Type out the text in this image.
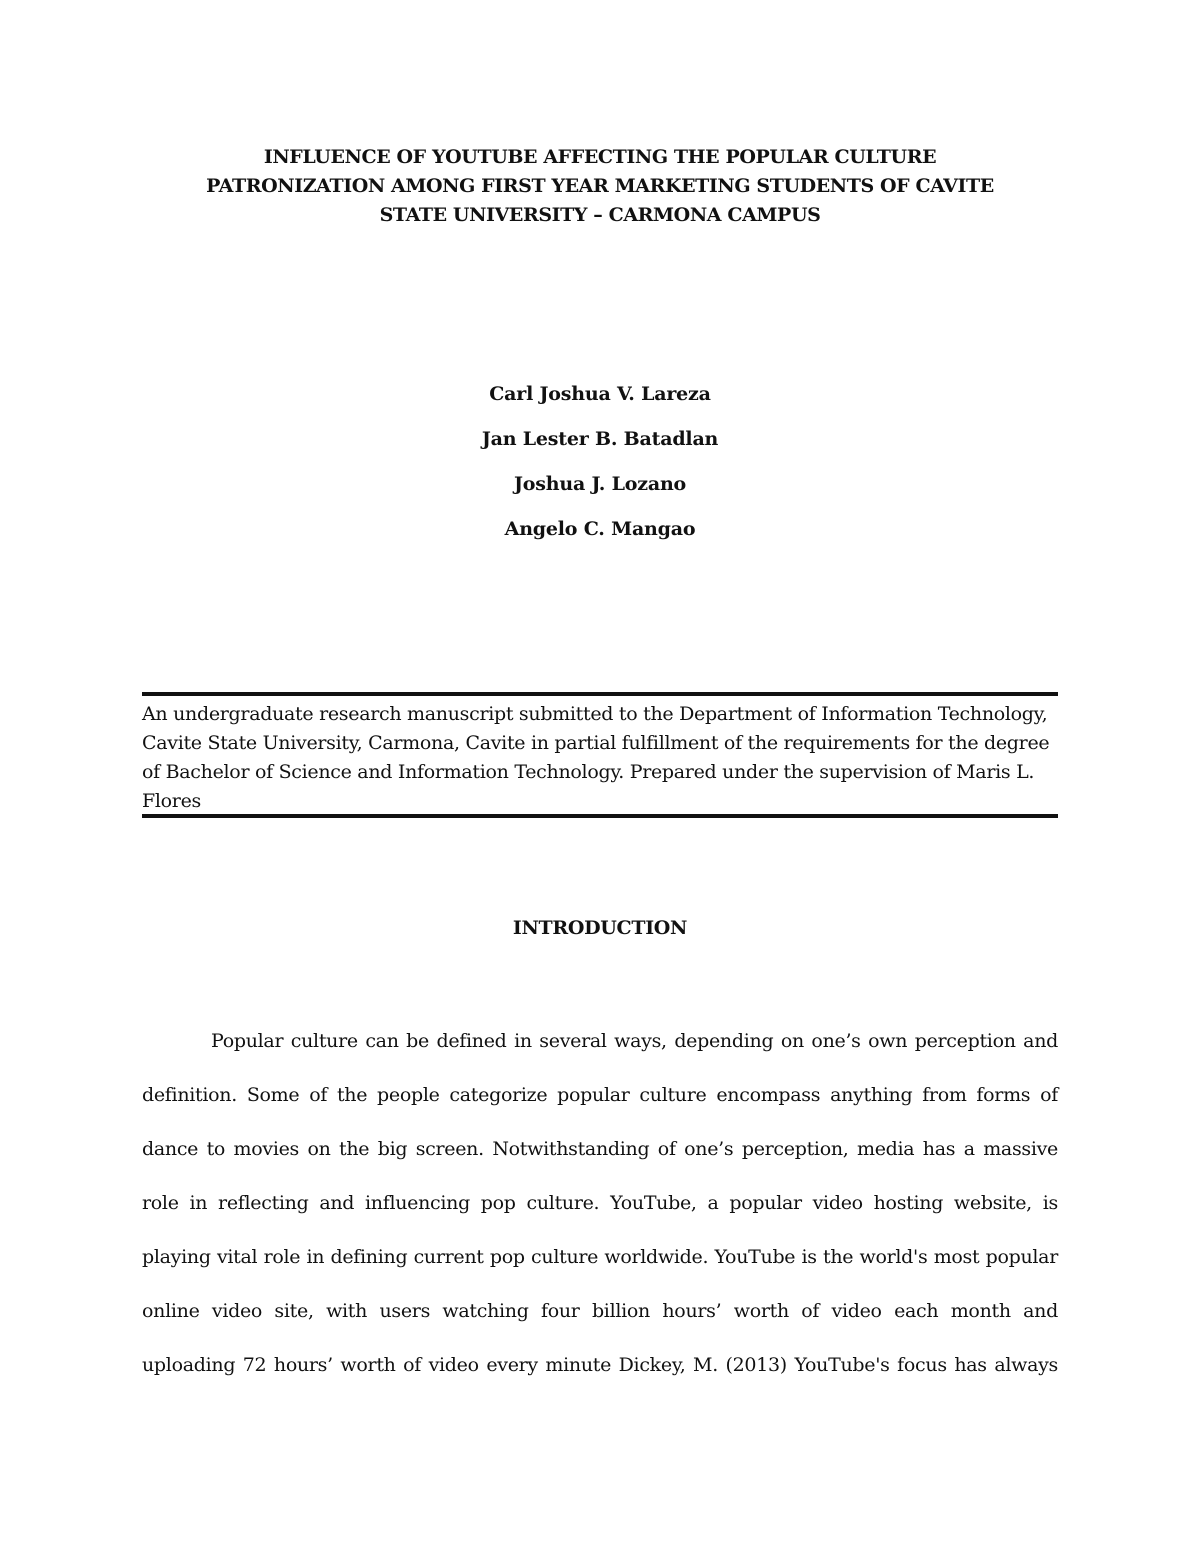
INFLUENCE OF YOUTUBE AFFECTING THE POPULAR CULTURE
PATRONIZATION AMONG FIRST YEAR MARKETING STUDENTS OF CAVITE
STATE UNIVERSITY – CARMONA CAMPUS
Carl Joshua V. Lareza
Jan Lester B. Batadlan
Joshua J. Lozano
Angelo C. Mangao
An undergraduate research manuscript submitted to the Department of Information Technology,
Cavite State University, Carmona, Cavite in partial fulfillment of the requirements for the degree
of Bachelor of Science and Information Technology. Prepared under the supervision of Maris L.
Flores
INTRODUCTION
Popular culture can be defined in several ways, depending on one’s own perception and
definition. Some of the people categorize popular culture encompass anything from forms of
dance to movies on the big screen. Notwithstanding of one’s perception, media has a massive
role in reflecting and influencing pop culture. YouTube, a popular video hosting website, is
playing vital role in defining current pop culture worldwide. YouTube is the world's most popular
online video site, with users watching four billion hours’ worth of video each month and
uploading 72 hours’ worth of video every minute Dickey, M. (2013) YouTube's focus has always
